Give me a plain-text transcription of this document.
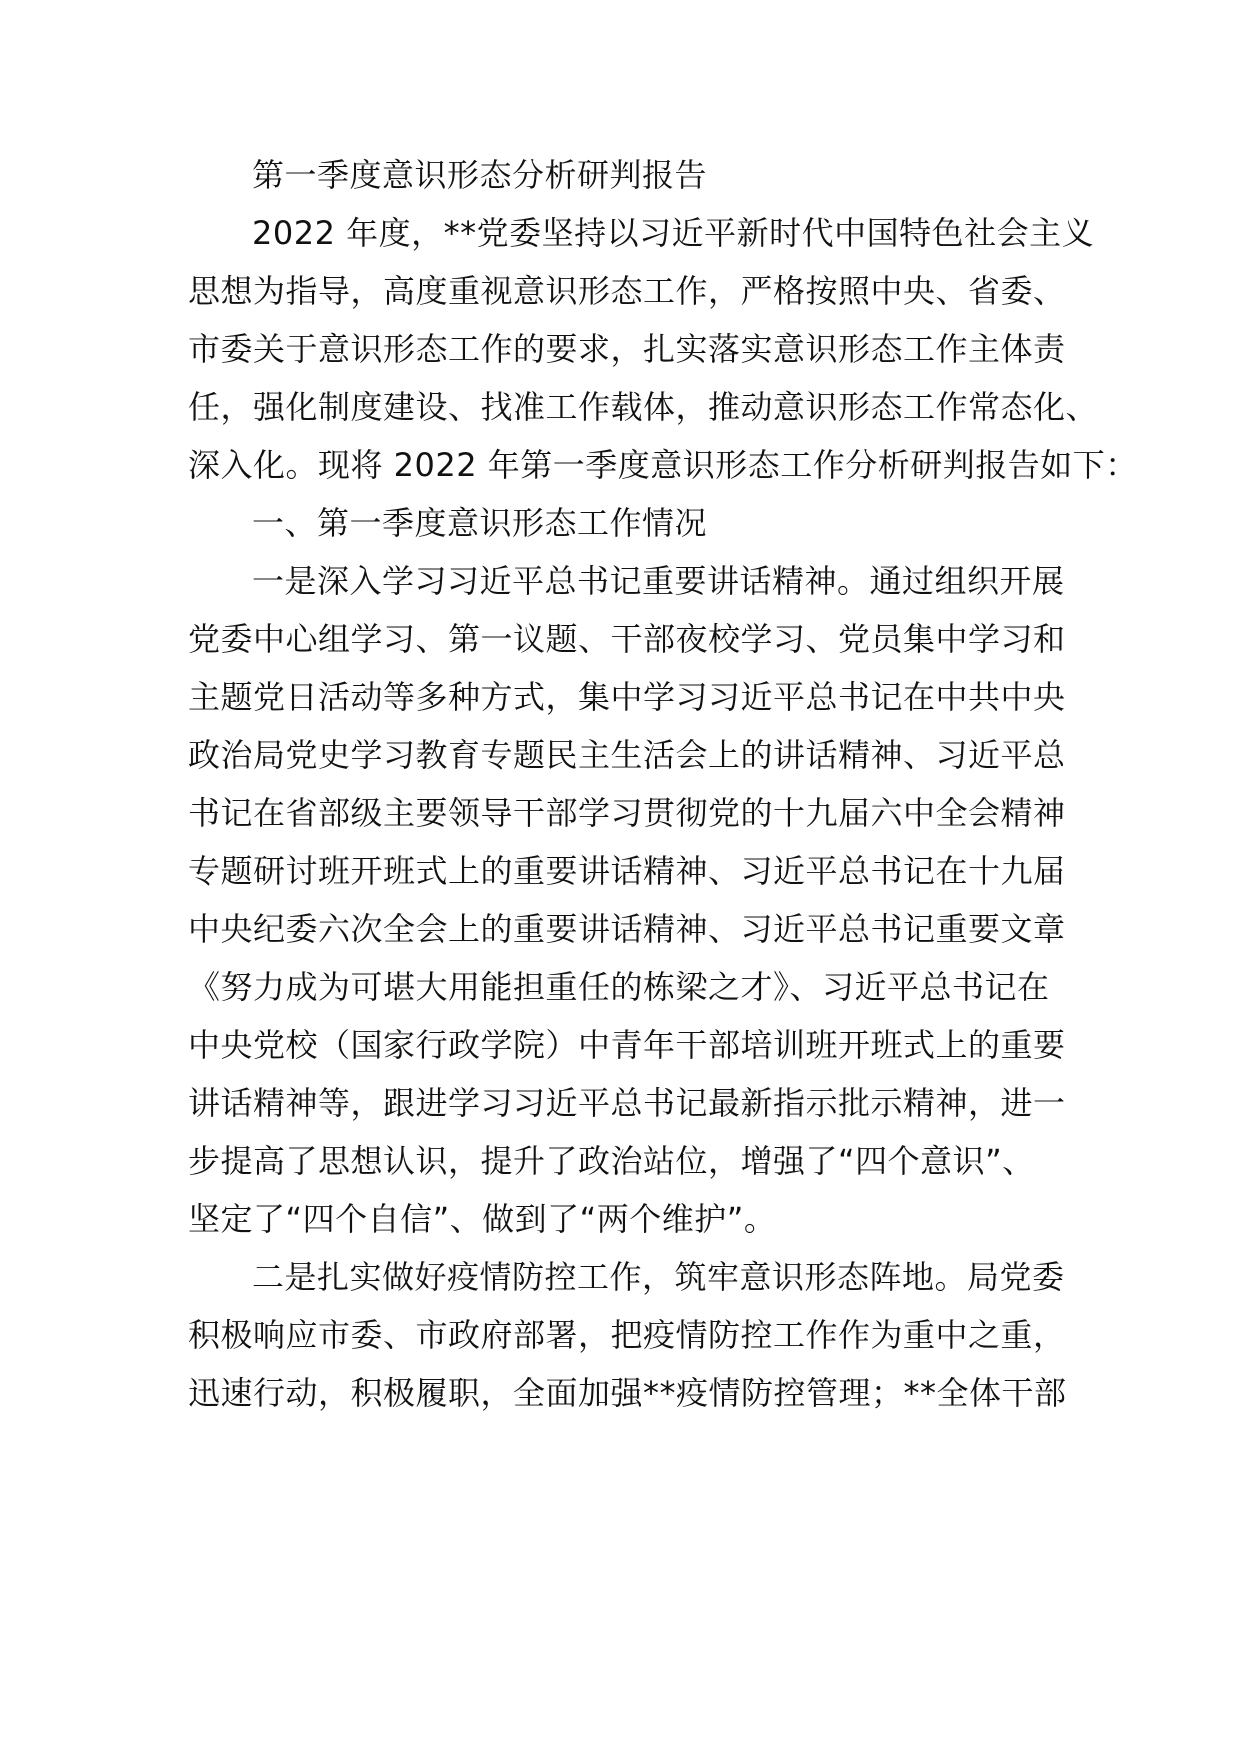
第一季度意识形态分析研判报告
2022 年度，**党委坚持以习近平新时代中国特色社会主义
思想为指导，高度重视意识形态工作，严格按照中央、省委、
市委关于意识形态工作的要求，扎实落实意识形态工作主体责
任，强化制度建设、找准工作载体，推动意识形态工作常态化、
深入化。现将 2022 年第一季度意识形态工作分析研判报告如下：
一、第一季度意识形态工作情况
一是深入学习习近平总书记重要讲话精神。通过组织开展
党委中心组学习、第一议题、干部夜校学习、党员集中学习和
主题党日活动等多种方式，集中学习习近平总书记在中共中央
政治局党史学习教育专题民主生活会上的讲话精神、习近平总
书记在省部级主要领导干部学习贯彻党的十九届六中全会精神
专题研讨班开班式上的重要讲话精神、习近平总书记在十九届
中央纪委六次全会上的重要讲话精神、习近平总书记重要文章
《努力成为可堪大用能担重任的栋梁之才》、习近平总书记在
中央党校（国家行政学院）中青年干部培训班开班式上的重要
讲话精神等，跟进学习习近平总书记最新指示批示精神，进一
步提高了思想认识，提升了政治站位，增强了“四个意识”、
坚定了“四个自信”、做到了“两个维护”。
二是扎实做好疫情防控工作，筑牢意识形态阵地。局党委
积极响应市委、市政府部署，把疫情防控工作作为重中之重，
迅速行动，积极履职，全面加强**疫情防控管理；**全体干部
